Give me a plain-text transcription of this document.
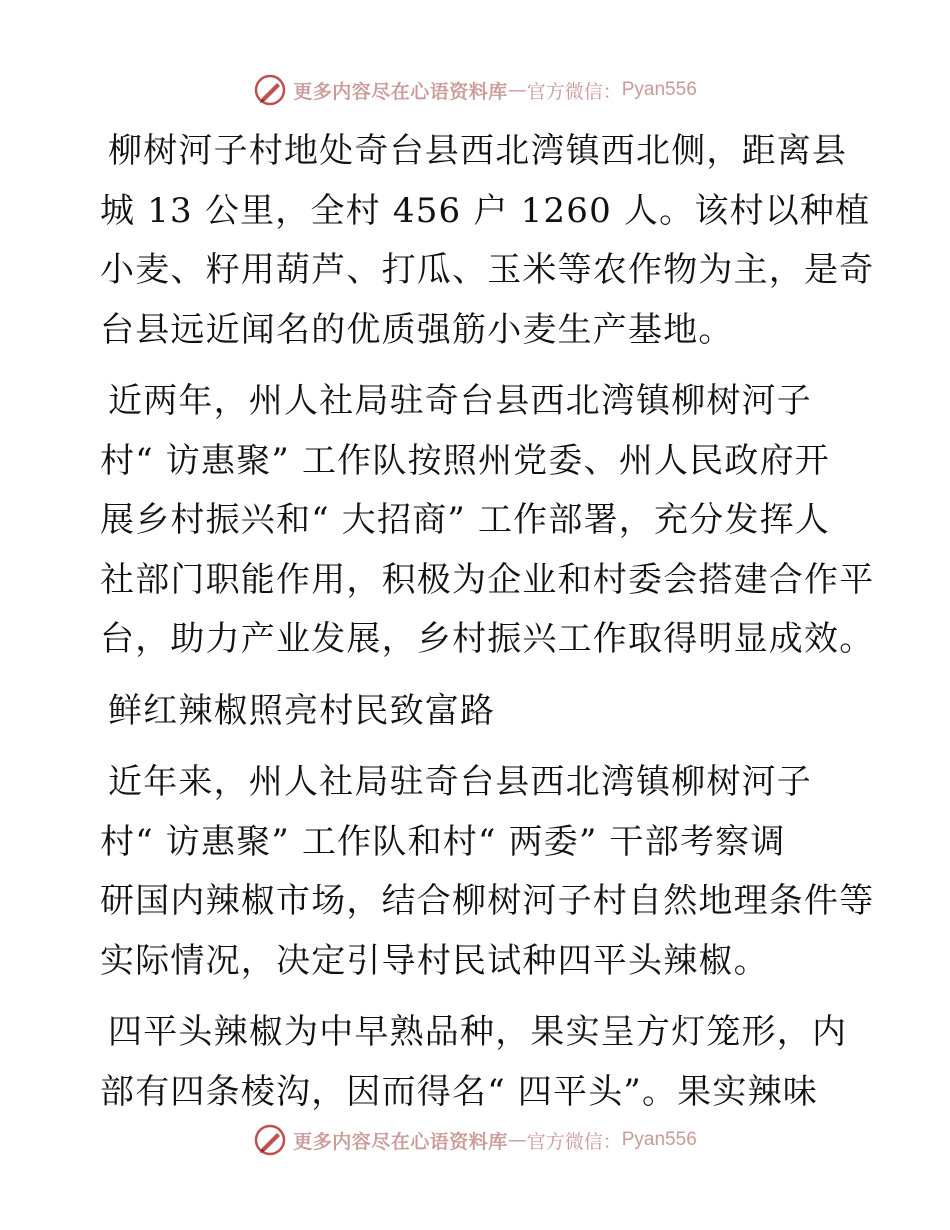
更多内容尽在心语资料库 — 官方微信： Pyan556
柳树河子村地处奇台县西北湾镇西北侧，距离县
城 13 公里，全村 456 户 1260 人。该村以种植
小麦、籽用葫芦、打瓜、玉米等农作物为主，是奇
台县远近闻名的优质强筋小麦生产基地。
近两年，州人社局驻奇台县西北湾镇柳树河子
村“ 访惠聚” 工作队按照州党委、州人民政府开
展乡村振兴和“ 大招商” 工作部署，充分发挥人
社部门职能作用，积极为企业和村委会搭建合作平
台，助力产业发展，乡村振兴工作取得明显成效。
鲜红辣椒照亮村民致富路
近年来，州人社局驻奇台县西北湾镇柳树河子
村“ 访惠聚” 工作队和村“ 两委” 干部考察调
研国内辣椒市场，结合柳树河子村自然地理条件等
实际情况，决定引导村民试种四平头辣椒。
四平头辣椒为中早熟品种，果实呈方灯笼形，内
部有四条棱沟，因而得名“ 四平头”。果实辣味
更多内容尽在心语资料库 — 官方微信： Pyan556
